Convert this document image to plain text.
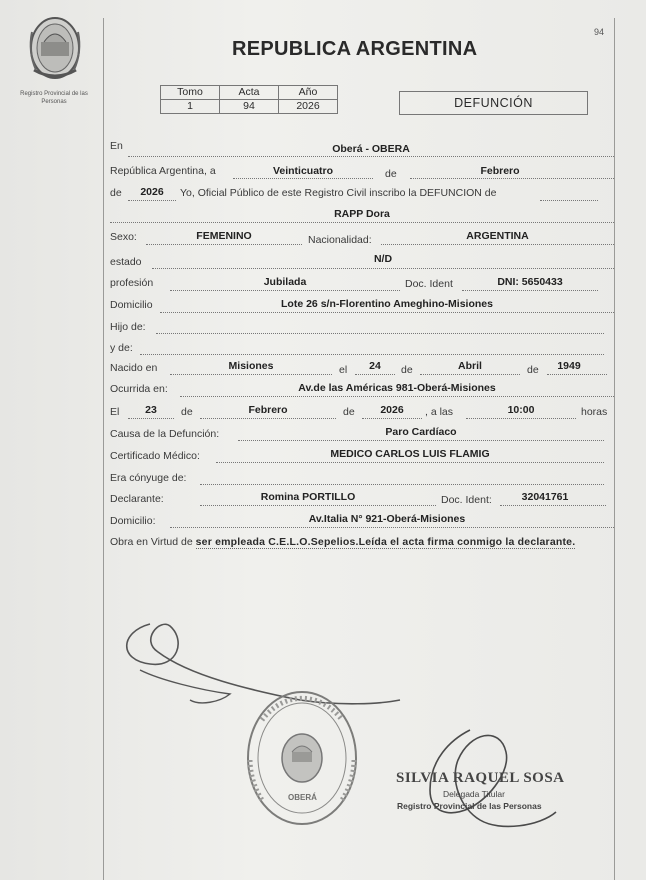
Registro Provincial de las Personas
94
REPUBLICA ARGENTINA
Tomo	Acta	Año
1	94	2026	DEFUNCIÓN
En	Oberá - OBERA
República Argentina, a	Veinticuatro	de	Febrero
de	2026	Yo, Oficial Público de este Registro Civil inscribo la DEFUNCION de
RAPP Dora
Sexo:	FEMENINO	Nacionalidad:	ARGENTINA
estado	N/D
profesión	Jubilada	Doc. Ident	DNI: 5650433
Domicilio	Lote 26 s/n-Florentino Ameghino-Misiones
Hijo de:
y de:
Nacido en	Misiones	el	24	de	Abril	de	1949
Ocurrida en:	Av.de las Américas 981-Oberá-Misiones
El	23	de	Febrero	de	2026	, a las	10:00	horas
Causa de la Defunción:	Paro Cardíaco
Certificado Médico:	MEDICO CARLOS LUIS FLAMIG
Era cónyuge de:
Declarante:	Romina PORTILLO	Doc. Ident:	32041761
Domicilio:	Av.Italia N° 921-Oberá-Misiones
Obra en Virtud de ser empleada C.E.L.O.Sepelios.Leída el acta firma conmigo la declarante.
OBERÁ
SILVIA RAQUEL SOSA
Delegada Titular
Registro Provincial de las Personas
